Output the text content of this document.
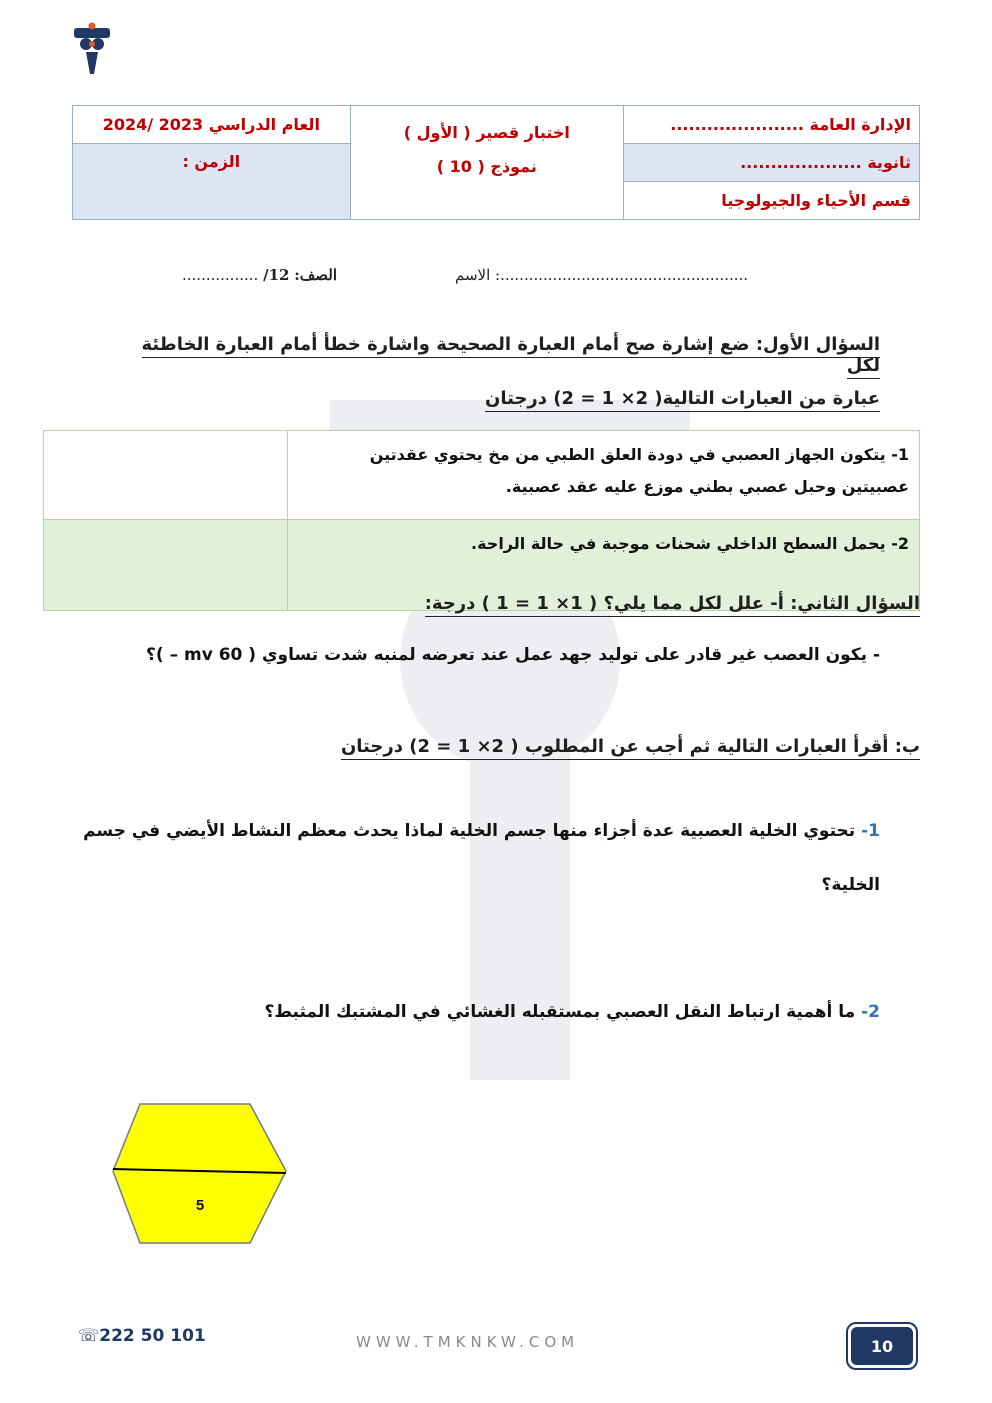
الإدارة العامة ......................	اختبار قصير ( الأول )
نموذج ( 10 )	العام الدراسي 2023 /2024
ثانوية ....................		الزمن :
قسم الأحياء والجيولوجيا		
الاسم :....................................................
الصف: 12/ ................
السؤال الأول: ضع إشارة صح أمام العبارة الصحيحة واشارة خطأ أمام العبارة الخاطئة لكل
عبارة من العبارات التالية( 2× 1 = 2) درجتان
1- يتكون الجهاز العصبي في دودة العلق الطبي من مخ يحتوي عقدتين عصبيتين وحبل عصبي بطني موزع عليه عقد عصبية.	
2- يحمل السطح الداخلي شحنات موجبة في حالة الراحة.	
السؤال الثاني: أ- علل لكل مما يلي؟ ( 1× 1 = 1 ) درجة:
- يكون العصب غير قادر على توليد جهد عمل عند تعرضه لمنبه شدت تساوي ( 60 mv – )؟
ب: أقرأ العبارات التالية ثم أجب عن المطلوب ( 2× 1 = 2) درجتان
1- تحتوي الخلية العصبية عدة أجزاء منها جسم الخلية لماذا يحدث معظم النشاط الأيضي في جسم الخلية؟
2- ما أهمية ارتباط النقل العصبي بمستقبله الغشائي في المشتبك المثبط؟
5
☏222 50 101	WWW.TMKNKW.COM	10
